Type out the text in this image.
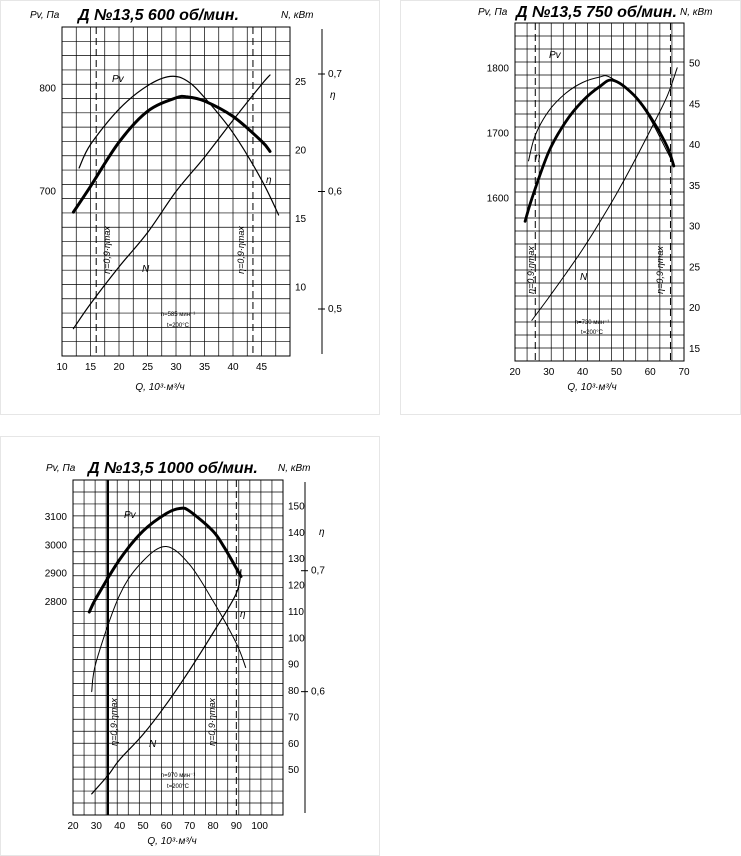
Д №13,5 600 об/мин.
Pv, Па	N, кВт
Q, 10³·м³/ч
10 15 20 25 30 35 40 45
700
800
10
15
20
25
0,5
0,6
0,7
η
η=0,9·ηmax	η=0,9·ηmax
n=585 мин⁻¹
t=200°C
Pv
η
N
Д №13,5 750 об/мин.
Pv, Па	N, кВт
Q, 10³·м³/ч
20 30 40 50 60 70
1600
1700
1800
15
20
25
30
35
40
45
50
η=0,9·ηmax	η=0,9·ηmax
n=730 мин⁻¹
t=200°C
Pv
η
N
Д №13,5 1000 об/мин.
Pv, Па	N, кВт
Q, 10³·м³/ч
20 30 40 50 60 70 80 90 100
2800
2900
3000
3100
50
60
70
80
90
100
110
120
130
140
150
0,6
0,7
η
η=0,9·ηmax	η=0,9·ηmax
n=970 мин⁻¹
t=200°C
Pv
η
N
